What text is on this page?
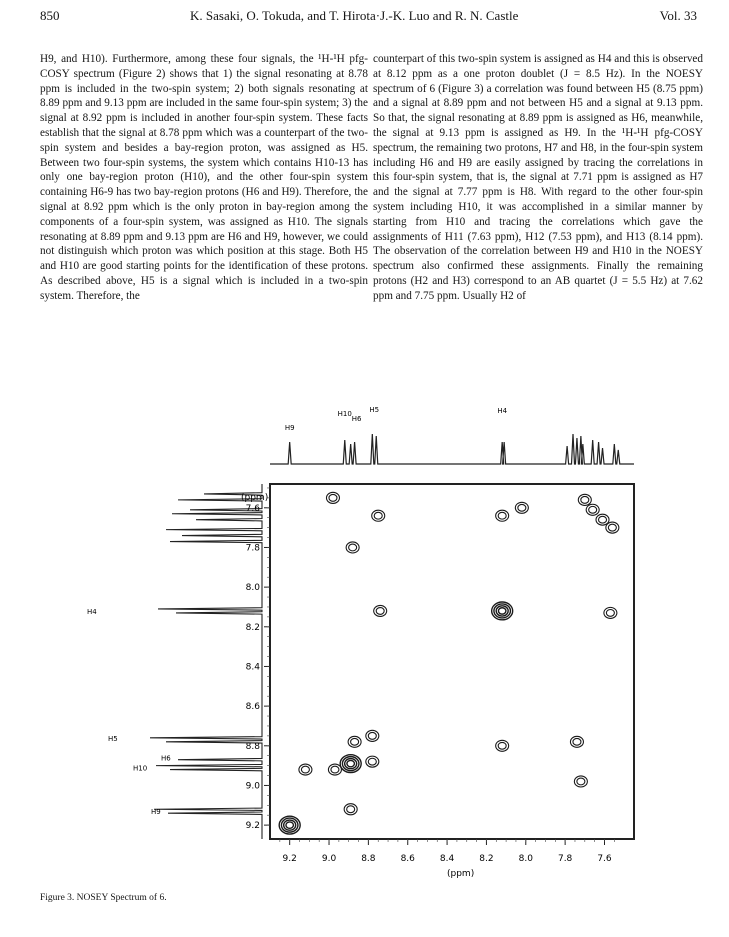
850	K. Sasaki, O. Tokuda, and T. Hirota·J.-K. Luo and R. N. Castle	Vol. 33

H9, and H10). Furthermore, among these four signals, the ¹H-¹H pfg-COSY spectrum (Figure 2) shows that 1) the signal resonating at 8.78 ppm is included in the two-spin system; 2) both signals resonating at 8.89 ppm and 9.13 ppm are included in the same four-spin system; 3) the signal at 8.92 ppm is included in another four-spin system. These facts establish that the signal at 8.78 ppm which was a counterpart of the two-spin system and besides a bay-region proton, was assigned as H5. Between two four-spin systems, the system which contains H10-13 has only one bay-region proton (H10), and the other four-spin system containing H6-9 has two bay-region protons (H6 and H9). Therefore, the signal at 8.92 ppm which is the only proton in bay-region among the components of a four-spin system, was assigned as H10. The signals resonating at 8.89 ppm and 9.13 ppm are H6 and H9, however, we could not distinguish which proton was which position at this stage. Both H5 and H10 are good starting points for the identification of these protons. As described above, H5 is a signal which is included in a two-spin system. Therefore, the

counterpart of this two-spin system is assigned as H4 and this is observed at 8.12 ppm as a one proton doublet (J = 8.5 Hz). In the NOESY spectrum of 6 (Figure 3) a correlation was found between H5 (8.75 ppm) and a signal at 8.89 ppm and not between H5 and a signal at 9.13 ppm. So that, the signal resonating at 8.89 ppm is assigned as H6, meanwhile, the signal at 9.13 ppm is assigned as H9. In the ¹H-¹H pfg-COSY spectrum, the remaining two protons, H7 and H8, in the four-spin system including H6 and H9 are easily assigned by tracing the correlations in this four-spin system, that is, the signal at 7.71 ppm is assigned as H7 and the signal at 7.77 ppm is H8. With regard to the other four-spin system including H10, it was accomplished in a similar manner by starting from H10 and tracing the correlations which gave the assignments of H11 (7.63 ppm), H12 (7.53 ppm), and H13 (8.14 ppm). The observation of the correlation between H9 and H10 in the NOESY spectrum also confirmed these assignments. Finally the remaining protons (H2 and H3) correspond to an AB quartet (J = 5.5 Hz) at 7.62 ppm and 7.75 ppm. Usually H2 of

H9
H10
H6
H5	H4
H4
H5
H6
H10
H9
9.2	9.0	8.8	8.6	8.4	8.2	8.0	7.8	7.6
7.6
7.8
8.0
8.2
8.4
8.6
8.8
9.0
9.2
(ppm)
(ppm)
Figure 3. NOSEY Spectrum of 6.
